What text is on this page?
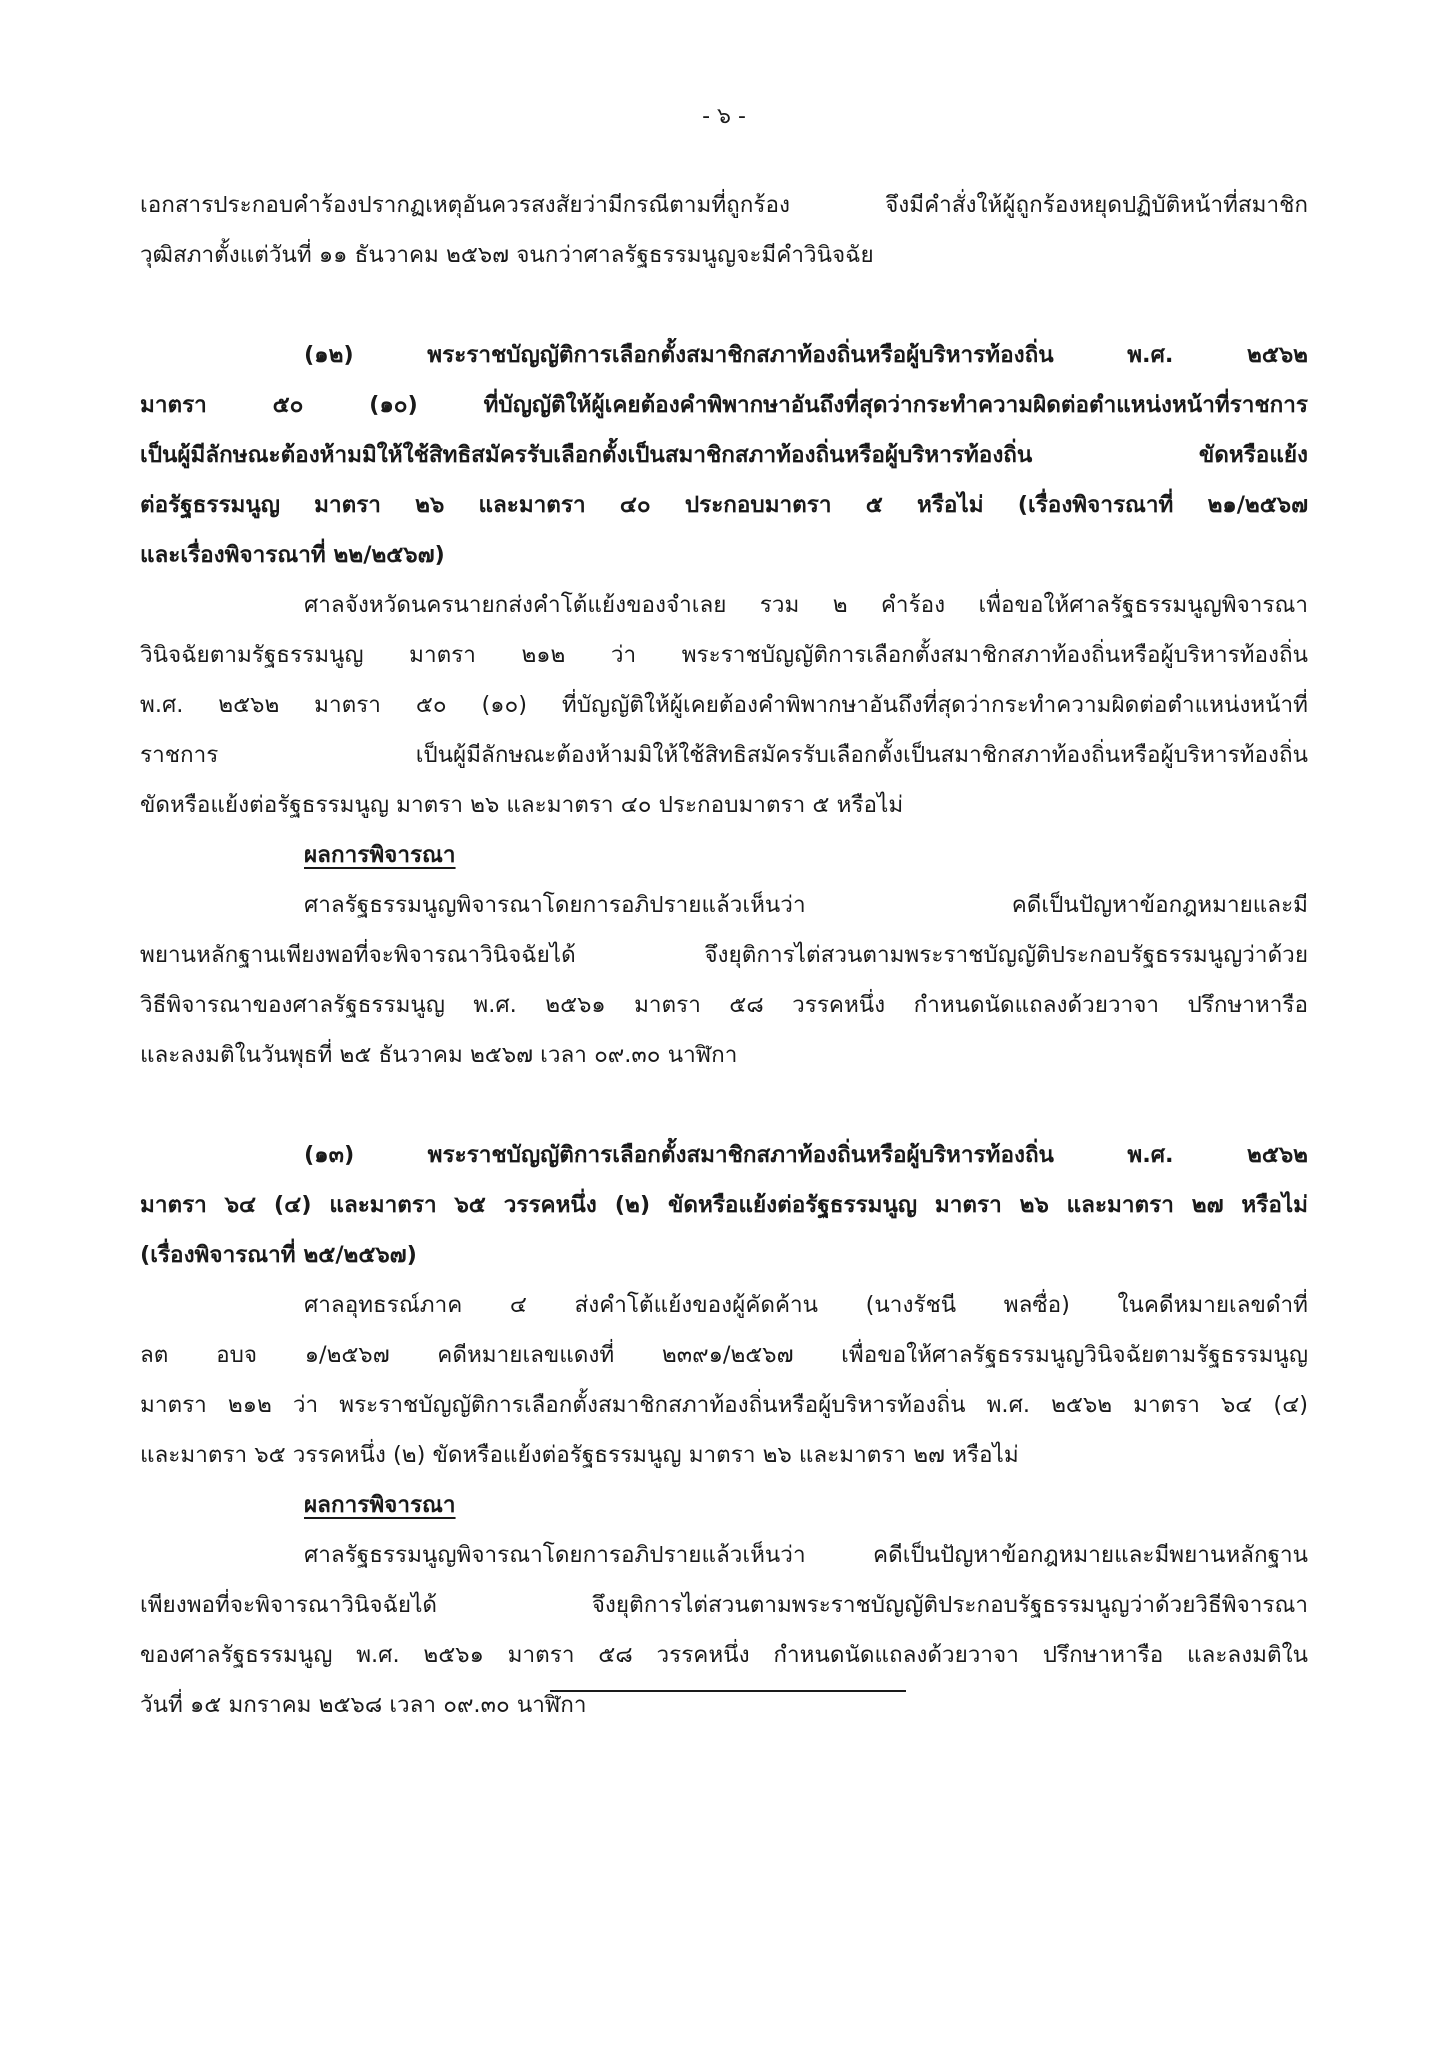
- ๖ -
เอกสารประกอบคำร้องปรากฏเหตุอันควรสงสัยว่ามีกรณีตามที่ถูกร้อง จึงมีคำสั่งให้ผู้ถูกร้องหยุดปฏิบัติหน้าที่สมาชิก
วุฒิสภาตั้งแต่วันที่ ๑๑ ธันวาคม ๒๕๖๗ จนกว่าศาลรัฐธรรมนูญจะมีคำวินิจฉัย
(๑๒) พระราชบัญญัติการเลือกตั้งสมาชิกสภาท้องถิ่นหรือผู้บริหารท้องถิ่น พ.ศ. ๒๕๖๒
มาตรา ๕๐ (๑๐) ที่บัญญัติให้ผู้เคยต้องคำพิพากษาอันถึงที่สุดว่ากระทำความผิดต่อตำแหน่งหน้าที่ราชการ
เป็นผู้มีลักษณะต้องห้ามมิให้ใช้สิทธิสมัครรับเลือกตั้งเป็นสมาชิกสภาท้องถิ่นหรือผู้บริหารท้องถิ่น ขัดหรือแย้ง
ต่อรัฐธรรมนูญ มาตรา ๒๖ และมาตรา ๔๐ ประกอบมาตรา ๕ หรือไม่ (เรื่องพิจารณาที่ ๒๑/๒๕๖๗
และเรื่องพิจารณาที่ ๒๒/๒๕๖๗)
ศาลจังหวัดนครนายกส่งคำโต้แย้งของจำเลย รวม ๒ คำร้อง เพื่อขอให้ศาลรัฐธรรมนูญพิจารณา
วินิจฉัยตามรัฐธรรมนูญ มาตรา ๒๑๒ ว่า พระราชบัญญัติการเลือกตั้งสมาชิกสภาท้องถิ่นหรือผู้บริหารท้องถิ่น
พ.ศ. ๒๕๖๒ มาตรา ๕๐ (๑๐) ที่บัญญัติให้ผู้เคยต้องคำพิพากษาอันถึงที่สุดว่ากระทำความผิดต่อตำแหน่งหน้าที่
ราชการ เป็นผู้มีลักษณะต้องห้ามมิให้ใช้สิทธิสมัครรับเลือกตั้งเป็นสมาชิกสภาท้องถิ่นหรือผู้บริหารท้องถิ่น
ขัดหรือแย้งต่อรัฐธรรมนูญ มาตรา ๒๖ และมาตรา ๔๐ ประกอบมาตรา ๕ หรือไม่
ผลการพิจารณา
ศาลรัฐธรรมนูญพิจารณาโดยการอภิปรายแล้วเห็นว่า คดีเป็นปัญหาข้อกฎหมายและมี
พยานหลักฐานเพียงพอที่จะพิจารณาวินิจฉัยได้ จึงยุติการไต่สวนตามพระราชบัญญัติประกอบรัฐธรรมนูญว่าด้วย
วิธีพิจารณาของศาลรัฐธรรมนูญ พ.ศ. ๒๕๖๑ มาตรา ๕๘ วรรคหนึ่ง กำหนดนัดแถลงด้วยวาจา ปรึกษาหารือ
และลงมติในวันพุธที่ ๒๕ ธันวาคม ๒๕๖๗ เวลา ๐๙.๓๐ นาฬิกา
(๑๓) พระราชบัญญัติการเลือกตั้งสมาชิกสภาท้องถิ่นหรือผู้บริหารท้องถิ่น พ.ศ. ๒๕๖๒
มาตรา ๖๔ (๔) และมาตรา ๖๕ วรรคหนึ่ง (๒) ขัดหรือแย้งต่อรัฐธรรมนูญ มาตรา ๒๖ และมาตรา ๒๗ หรือไม่
(เรื่องพิจารณาที่ ๒๕/๒๕๖๗)
ศาลอุทธรณ์ภาค ๔ ส่งคำโต้แย้งของผู้คัดค้าน (นางรัชนี พลซื่อ) ในคดีหมายเลขดำที่
ลต อบจ ๑/๒๕๖๗ คดีหมายเลขแดงที่ ๒๓๙๑/๒๕๖๗ เพื่อขอให้ศาลรัฐธรรมนูญวินิจฉัยตามรัฐธรรมนูญ
มาตรา ๒๑๒ ว่า พระราชบัญญัติการเลือกตั้งสมาชิกสภาท้องถิ่นหรือผู้บริหารท้องถิ่น พ.ศ. ๒๕๖๒ มาตรา ๖๔ (๔)
และมาตรา ๖๕ วรรคหนึ่ง (๒) ขัดหรือแย้งต่อรัฐธรรมนูญ มาตรา ๒๖ และมาตรา ๒๗ หรือไม่
ผลการพิจารณา
ศาลรัฐธรรมนูญพิจารณาโดยการอภิปรายแล้วเห็นว่า คดีเป็นปัญหาข้อกฎหมายและมีพยานหลักฐาน
เพียงพอที่จะพิจารณาวินิจฉัยได้ จึงยุติการไต่สวนตามพระราชบัญญัติประกอบรัฐธรรมนูญว่าด้วยวิธีพิจารณา
ของศาลรัฐธรรมนูญ พ.ศ. ๒๕๖๑ มาตรา ๕๘ วรรคหนึ่ง กำหนดนัดแถลงด้วยวาจา ปรึกษาหารือ และลงมติใน
วันที่ ๑๕ มกราคม ๒๕๖๘ เวลา ๐๙.๓๐ นาฬิกา
